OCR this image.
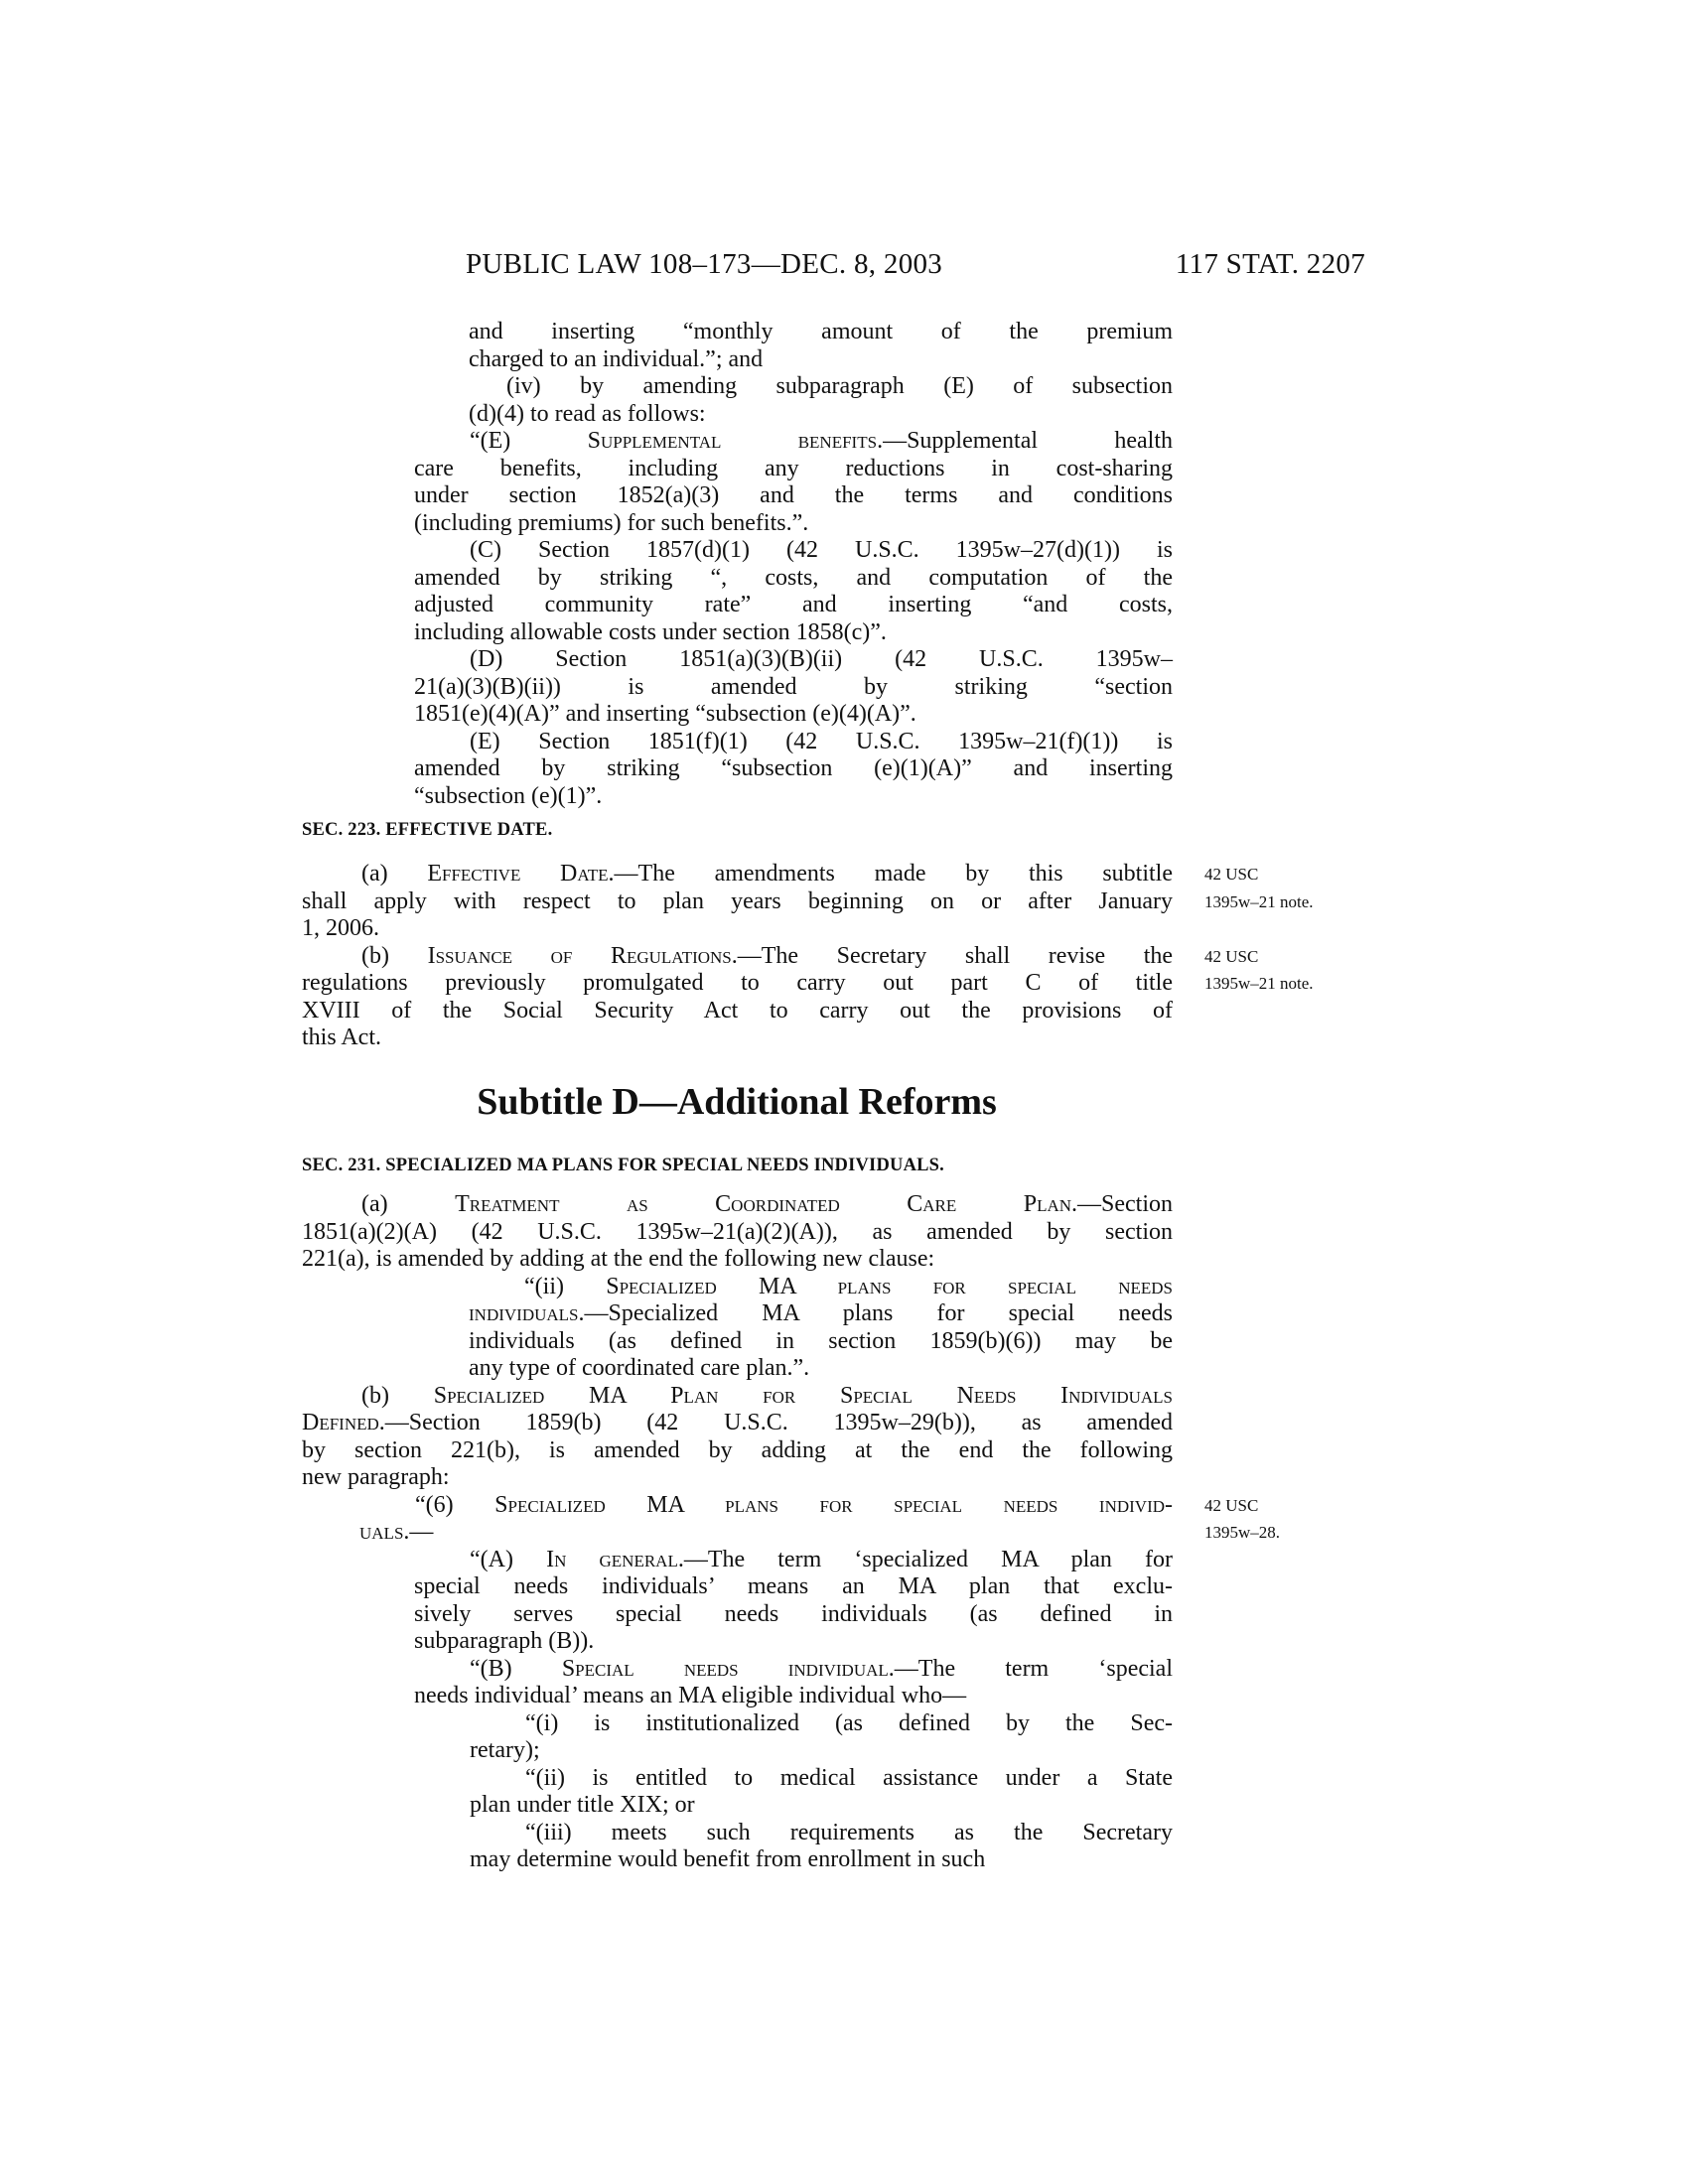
PUBLIC LAW 108–173—DEC. 8, 2003	117 STAT. 2207
and inserting “monthly amount of the premium
charged to an individual.”; and
(iv) by amending subparagraph (E) of subsection
(d)(4) to read as follows:
“(E) Supplemental benefits.—Supplemental health
care benefits, including any reductions in cost-sharing
under section 1852(a)(3) and the terms and conditions
(including premiums) for such benefits.”.
(C) Section 1857(d)(1) (42 U.S.C. 1395w–27(d)(1)) is
amended by striking “, costs, and computation of the
adjusted community rate” and inserting “and costs,
including allowable costs under section 1858(c)”.
(D) Section 1851(a)(3)(B)(ii) (42 U.S.C. 1395w–
21(a)(3)(B)(ii)) is amended by striking “section
1851(e)(4)(A)” and inserting “subsection (e)(4)(A)”.
(E) Section 1851(f)(1) (42 U.S.C. 1395w–21(f)(1)) is
amended by striking “subsection (e)(1)(A)” and inserting
“subsection (e)(1)”.
SEC. 223. EFFECTIVE DATE.
42 USC
1395w–21 note.
(a) Effective Date.—The amendments made by this subtitle
shall apply with respect to plan years beginning on or after January
1, 2006.
42 USC
1395w–21 note.
(b) Issuance of Regulations.—The Secretary shall revise the
regulations previously promulgated to carry out part C of title
XVIII of the Social Security Act to carry out the provisions of
this Act.
Subtitle D—Additional Reforms
SEC. 231. SPECIALIZED MA PLANS FOR SPECIAL NEEDS INDIVIDUALS.
(a) Treatment as Coordinated Care Plan.—Section
1851(a)(2)(A) (42 U.S.C. 1395w–21(a)(2)(A)), as amended by section
221(a), is amended by adding at the end the following new clause:
“(ii) Specialized MA plans for special needs
individuals.—Specialized MA plans for special needs
individuals (as defined in section 1859(b)(6)) may be
any type of coordinated care plan.”.
(b) Specialized MA Plan for Special Needs Individuals
Defined.—Section 1859(b) (42 U.S.C. 1395w–29(b)), as amended
by section 221(b), is amended by adding at the end the following
new paragraph:
42 USC
1395w–28.
“(6) Specialized MA plans for special needs individ-
uals.—
“(A) In general.—The term ‘specialized MA plan for
special needs individuals’ means an MA plan that exclu-
sively serves special needs individuals (as defined in
subparagraph (B)).
“(B) Special needs individual.—The term ‘special
needs individual’ means an MA eligible individual who—
“(i) is institutionalized (as defined by the Sec-
retary);
“(ii) is entitled to medical assistance under a State
plan under title XIX; or
“(iii) meets such requirements as the Secretary
may determine would benefit from enrollment in such
